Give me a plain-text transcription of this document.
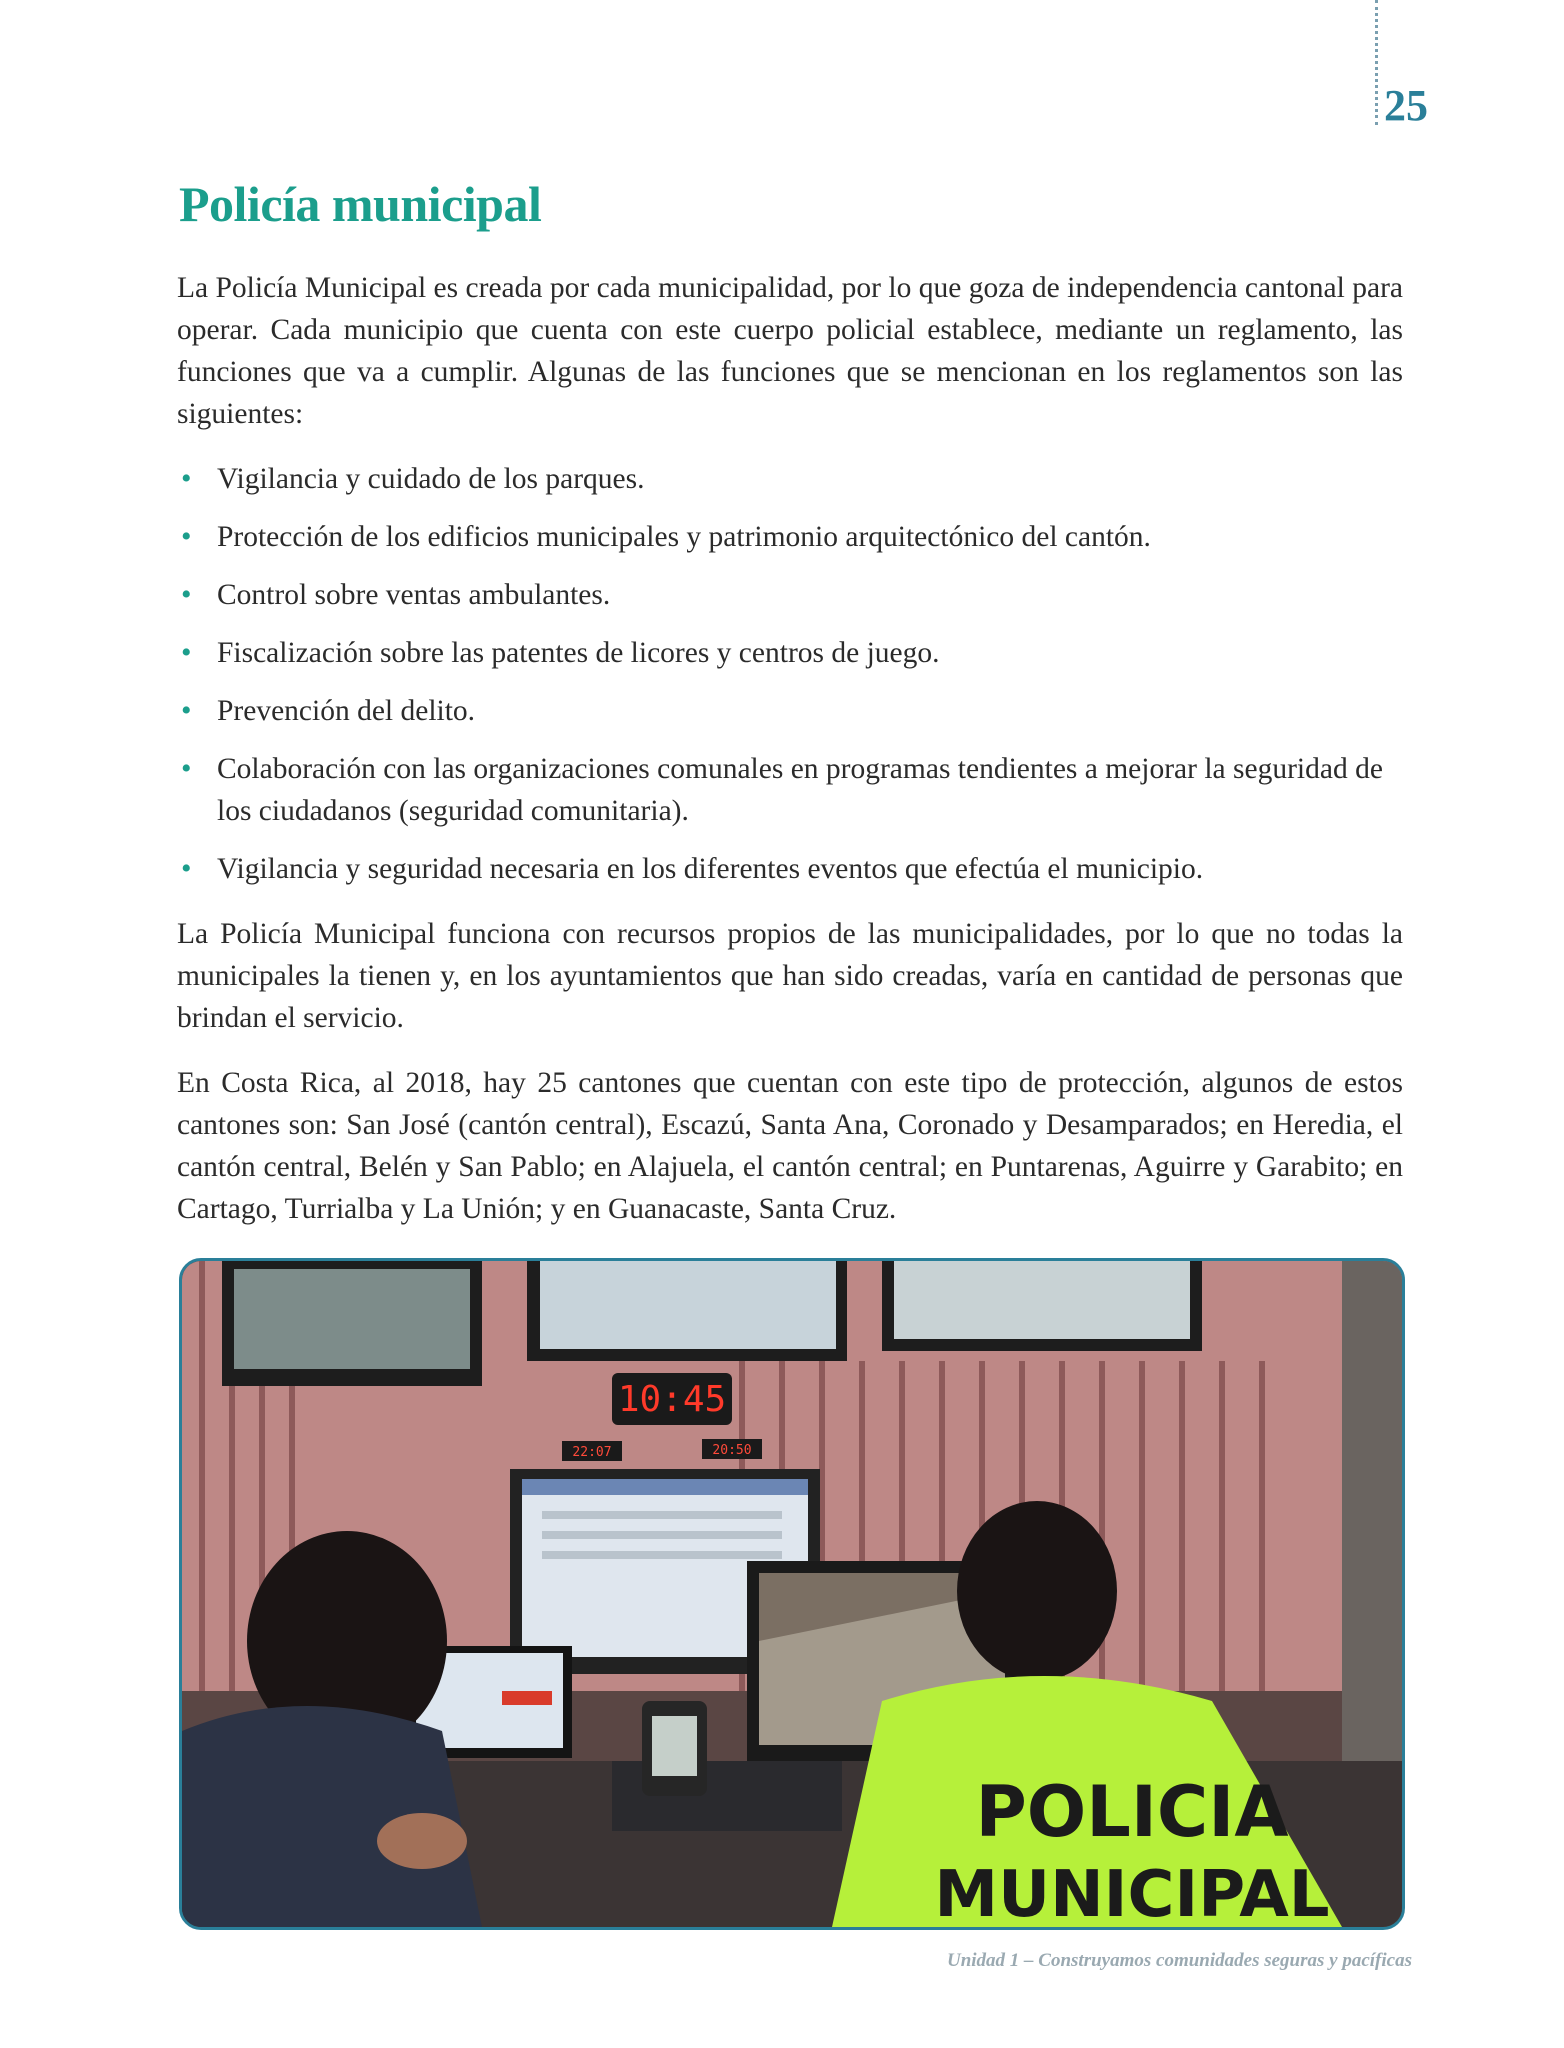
25
Policía municipal

La Policía Municipal es creada por cada municipalidad, por lo que goza de independencia cantonal para operar. Cada municipio que cuenta con este cuerpo policial establece, mediante un reglamento, las funciones que va a cumplir. Algunas de las funciones que se mencionan en los reglamentos son las siguientes:

• Vigilancia y cuidado de los parques.
• Protección de los edificios municipales y patrimonio arquitectónico del cantón.
• Control sobre ventas ambulantes.
• Fiscalización sobre las patentes de licores y centros de juego.
• Prevención del delito.
• Colaboración con las organizaciones comunales en programas tendientes a mejorar la seguridad de los ciudadanos (seguridad comunitaria).
• Vigilancia y seguridad necesaria en los diferentes eventos que efectúa el municipio.

La Policía Municipal funciona con recursos propios de las municipalidades, por lo que no todas la municipales la tienen y, en los ayuntamientos que han sido creadas, varía en cantidad de personas que brindan el servicio.

En Costa Rica, al 2018, hay 25 cantones que cuentan con este tipo de protección, algunos de estos cantones son: San José (cantón central), Escazú, Santa Ana, Coronado y Desamparados; en Heredia, el cantón central, Belén y San Pablo; en Alajuela, el cantón central; en Puntarenas, Aguirre y Garabito; en Cartago, Turrialba y La Unión; y en Guanacaste, Santa Cruz.

10:45
22:07	20:50
POLICIA
MUNICIPAL
Unidad 1 – Construyamos comunidades seguras y pacíficas
